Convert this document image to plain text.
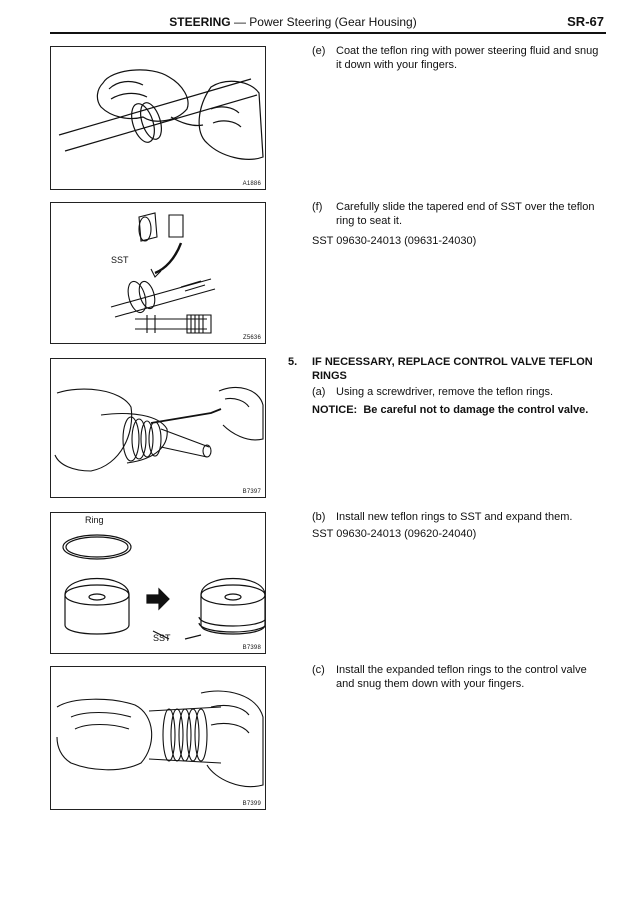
STEERING — Power Steering (Gear Housing)	SR-67
A1886
SST
Z5636
B7397
Ring
SST
B7398
B7399
(e) Coat the teflon ring with power steering fluid and snug it down with your fingers.
(f) Carefully slide the tapered end of SST over the teflon ring to seat it.
SST 09630-24013 (09631-24030)
5. IF NECESSARY, REPLACE CONTROL VALVE TEFLON RINGS
(a) Using a screwdriver, remove the teflon rings.
NOTICE: Be careful not to damage the control valve.
(b) Install new teflon rings to SST and expand them.
SST 09630-24013 (09620-24040)
(c) Install the expanded teflon rings to the control valve and snug them down with your fingers.
